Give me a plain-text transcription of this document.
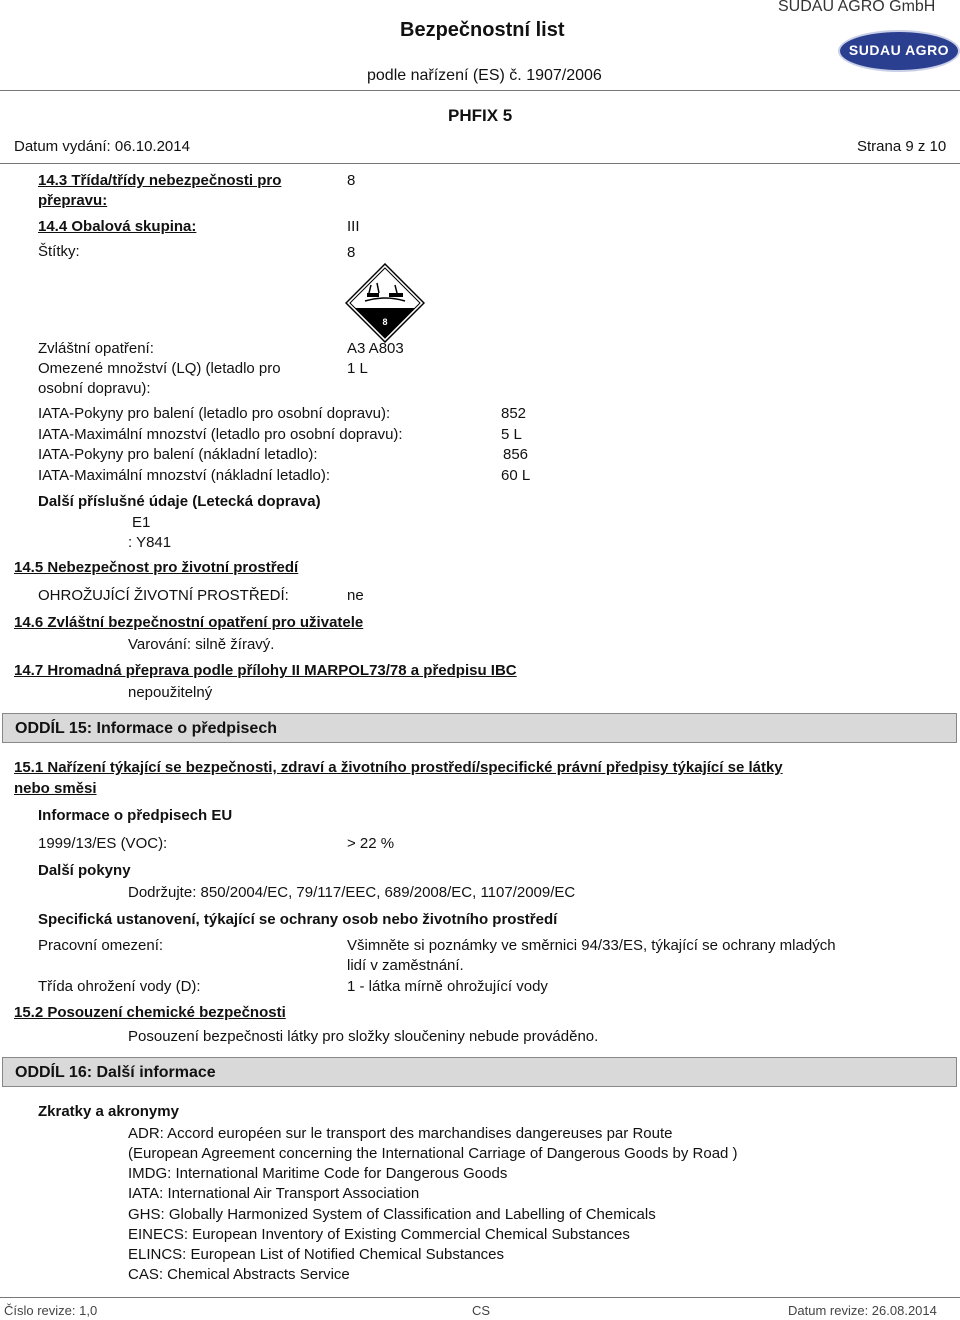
Bezpečnostní list
SUDAU AGRO GmbH
SUDAU AGRO
podle nařízení (ES) č. 1907/2006
PHFIX 5
Datum vydání: 06.10.2014	Strana 9 z 10
14.3 Třída/třídy nebezpečnosti pro
přepravu:
8
14.4 Obalová skupina:	III
Štítky:	8
8
Zvláštní opatření:	A3 A803
Omezené množství (LQ) (letadlo pro
osobní dopravu):
1 L
IATA-Pokyny pro balení (letadlo pro osobní dopravu):	852
IATA-Maximální mnozství (letadlo pro osobní dopravu):	5 L
IATA-Pokyny pro balení (nákladní letadlo):	856
IATA-Maximální mnozství (nákladní letadlo):	60 L
Další příslušné údaje (Letecká doprava)
E1
: Y841
14.5 Nebezpečnost pro životní prostředí
OHROŽUJÍCÍ ŽIVOTNÍ PROSTŘEDÍ:	ne
14.6 Zvláštní bezpečnostní opatření pro uživatele
Varování: silně žíravý.
14.7 Hromadná přeprava podle přílohy II MARPOL73/78 a předpisu IBC
nepoužitelný
ODDÍL 15: Informace o předpisech
15.1 Nařízení týkající se bezpečnosti, zdraví a životního prostředí/specifické právní předpisy týkající se látky
nebo směsi
Informace o předpisech EU
1999/13/ES (VOC):	> 22 %
Další pokyny
Dodržujte: 850/2004/EC, 79/117/EEC, 689/2008/EC, 1107/2009/EC
Specifická ustanovení, týkající se ochrany osob nebo životního prostředí
Pracovní omezení:	Všimněte si poznámky ve směrnici 94/33/ES, týkající se ochrany mladých
lidí v zaměstnání.
Třída ohrožení vody (D):	1 - látka mírně ohrožující vody
15.2 Posouzení chemické bezpečnosti
Posouzení bezpečnosti látky pro složky sloučeniny nebude prováděno.
ODDÍL 16: Další informace
Zkratky a akronymy
ADR: Accord européen sur le transport des marchandises dangereuses par Route
(European Agreement concerning the International Carriage of Dangerous Goods by Road )
IMDG: International Maritime Code for Dangerous Goods
IATA: International Air Transport Association
GHS: Globally Harmonized System of Classification and Labelling of Chemicals
EINECS: European Inventory of Existing Commercial Chemical Substances
ELINCS: European List of Notified Chemical Substances
CAS: Chemical Abstracts Service
Číslo revize: 1,0	CS	Datum revize: 26.08.2014
